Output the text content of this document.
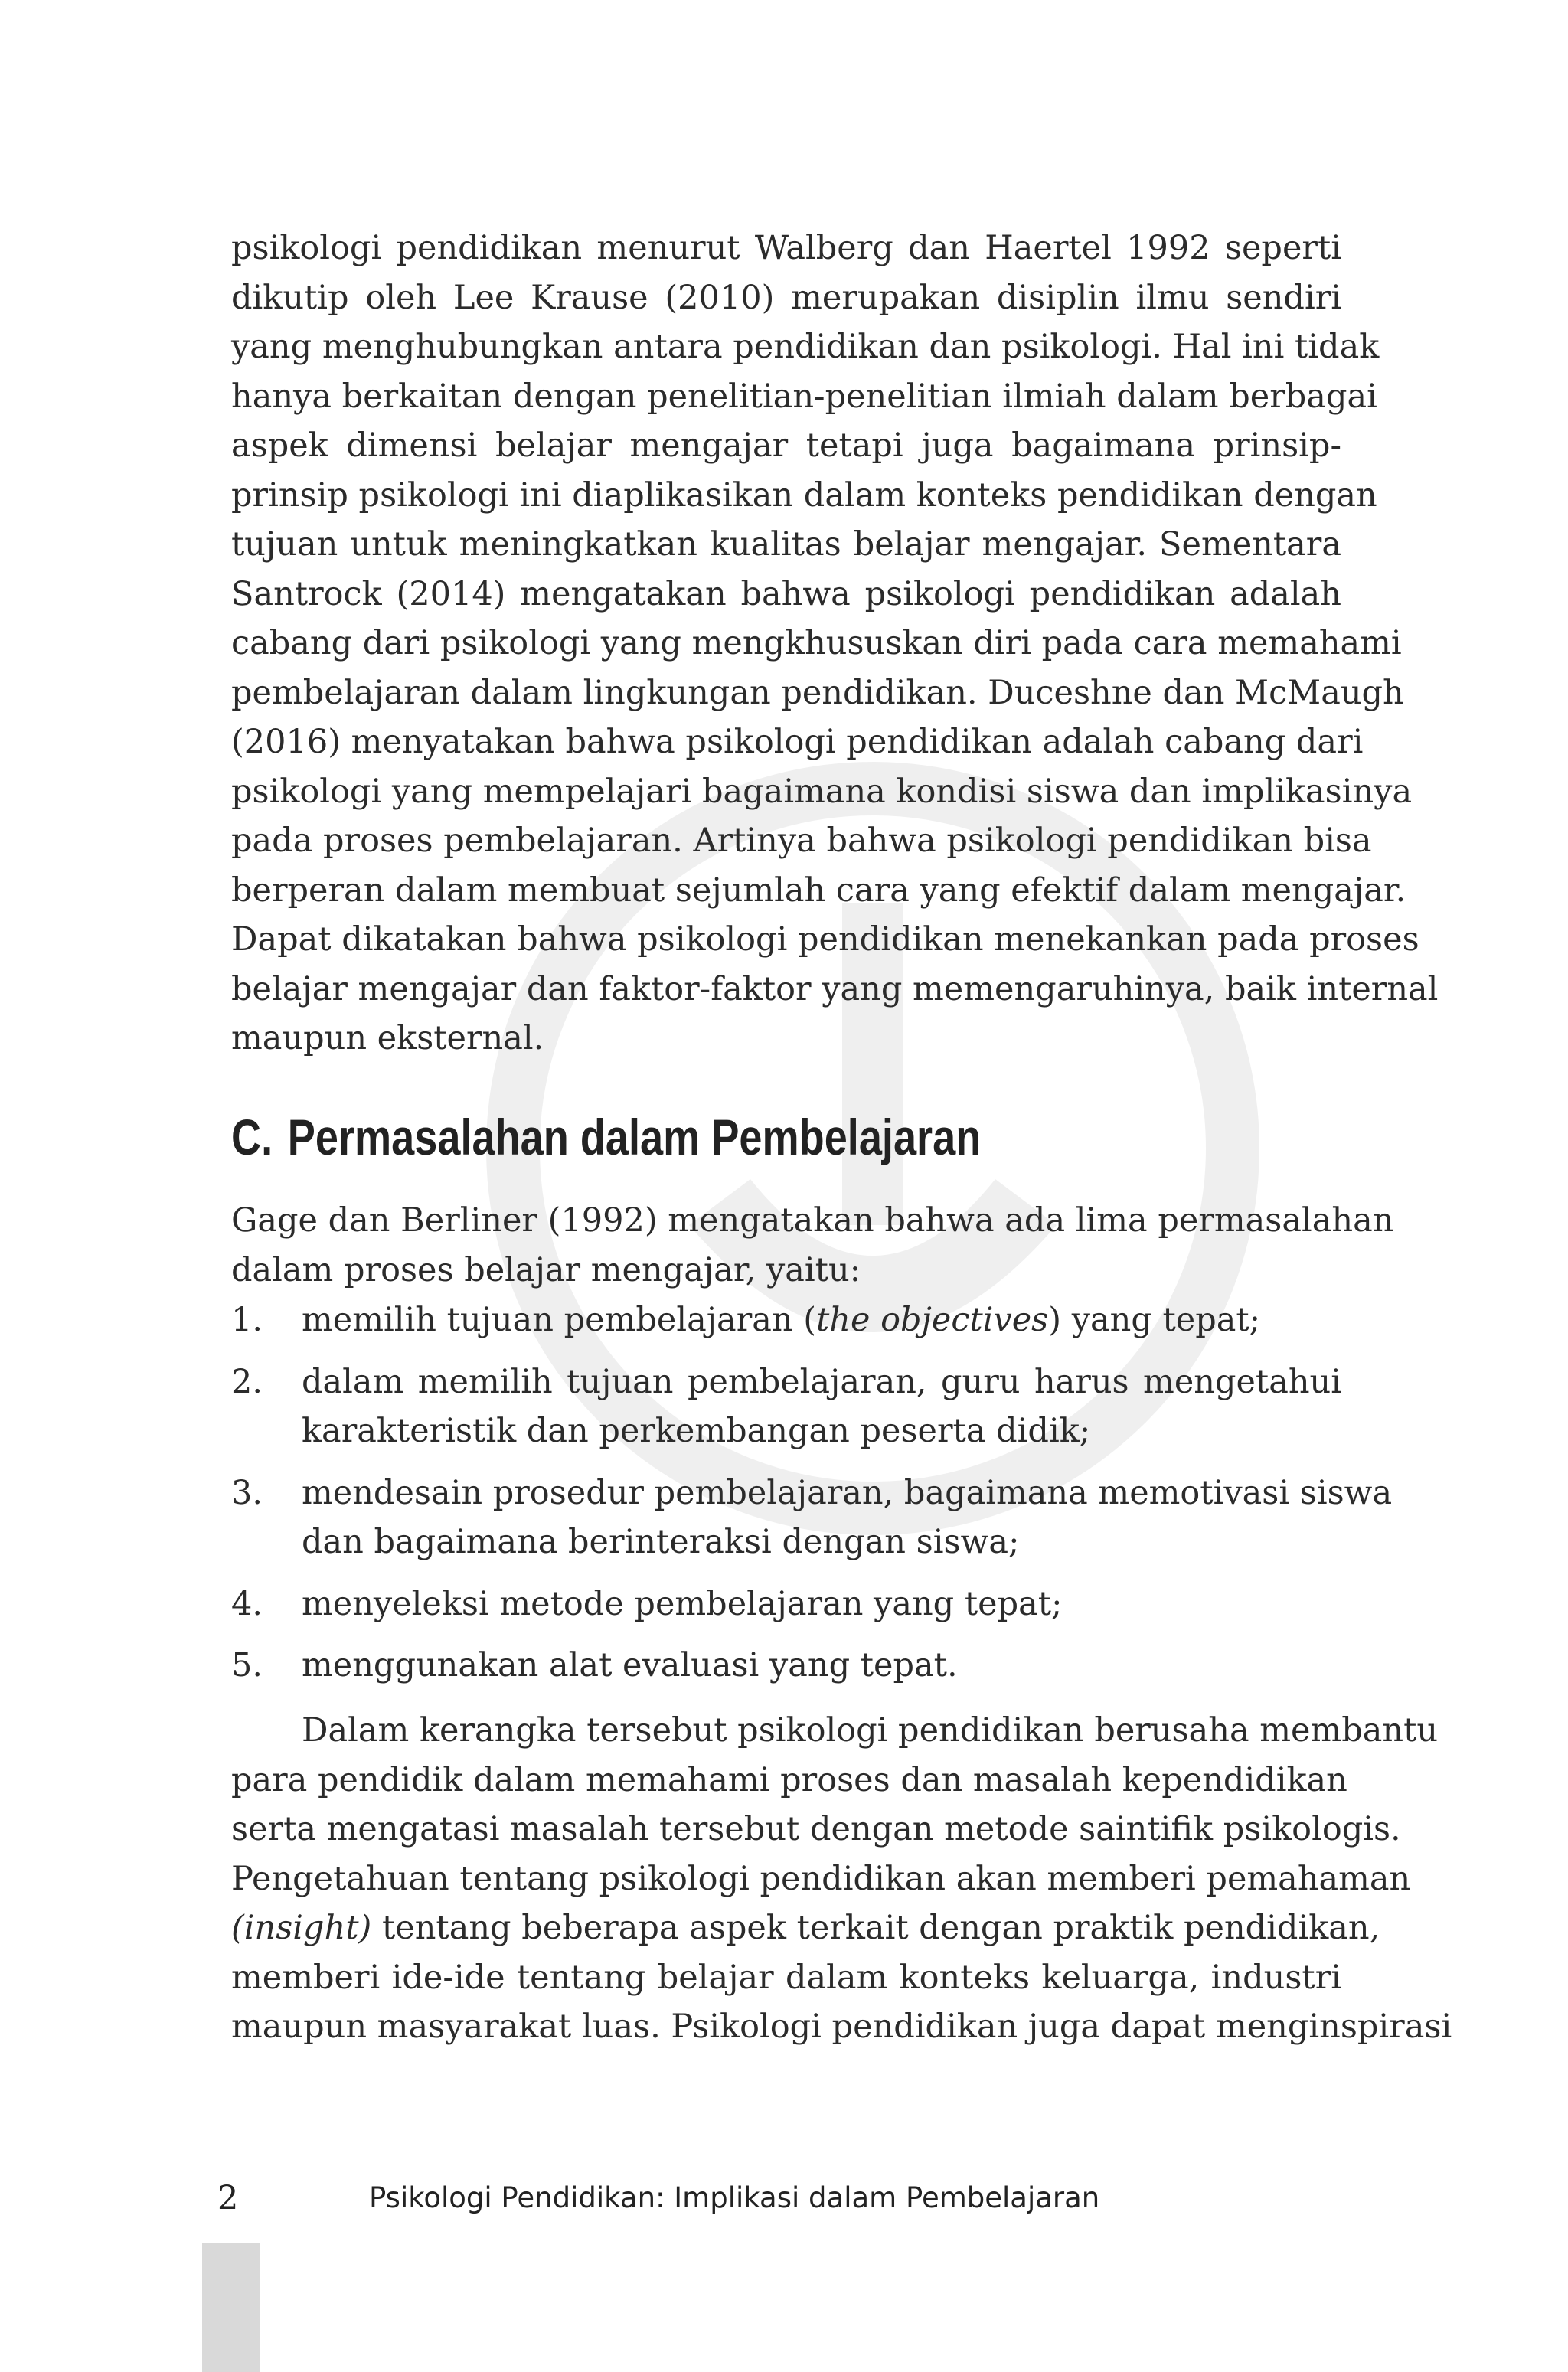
psikologi pendidikan menurut Walberg dan Haertel 1992 seperti
dikutip oleh Lee Krause (2010) merupakan disiplin ilmu sendiri
yang menghubungkan antara pendidikan dan psikologi. Hal ini tidak
hanya berkaitan dengan penelitian-penelitian ilmiah dalam berbagai
aspek dimensi belajar mengajar tetapi juga bagaimana prinsip-
prinsip psikologi ini diaplikasikan dalam konteks pendidikan dengan
tujuan untuk meningkatkan kualitas belajar mengajar. Sementara
Santrock (2014) mengatakan bahwa psikologi pendidikan adalah
cabang dari psikologi yang mengkhususkan diri pada cara memahami
pembelajaran dalam lingkungan pendidikan. Duceshne dan McMaugh
(2016) menyatakan bahwa psikologi pendidikan adalah cabang dari
psikologi yang mempelajari bagaimana kondisi siswa dan implikasinya
pada proses pembelajaran. Artinya bahwa psikologi pendidikan bisa
berperan dalam membuat sejumlah cara yang efektif dalam mengajar.
Dapat dikatakan bahwa psikologi pendidikan menekankan pada proses
belajar mengajar dan faktor-faktor yang memengaruhinya, baik internal
maupun eksternal.
C. Permasalahan dalam Pembelajaran
Gage dan Berliner (1992) mengatakan bahwa ada lima permasalahan
dalam proses belajar mengajar, yaitu:
1. memilih tujuan pembelajaran (the objectives) yang tepat;
2. dalam memilih tujuan pembelajaran, guru harus mengetahui
karakteristik dan perkembangan peserta didik;
3. mendesain prosedur pembelajaran, bagaimana memotivasi siswa
dan bagaimana berinteraksi dengan siswa;
4. menyeleksi metode pembelajaran yang tepat;
5. menggunakan alat evaluasi yang tepat.
Dalam kerangka tersebut psikologi pendidikan berusaha membantu
para pendidik dalam memahami proses dan masalah kependidikan
serta mengatasi masalah tersebut dengan metode saintifik psikologis.
Pengetahuan tentang psikologi pendidikan akan memberi pemahaman
(insight) tentang beberapa aspek terkait dengan praktik pendidikan,
memberi ide-ide tentang belajar dalam konteks keluarga, industri
maupun masyarakat luas. Psikologi pendidikan juga dapat menginspirasi
2	Psikologi Pendidikan: Implikasi dalam Pembelajaran
